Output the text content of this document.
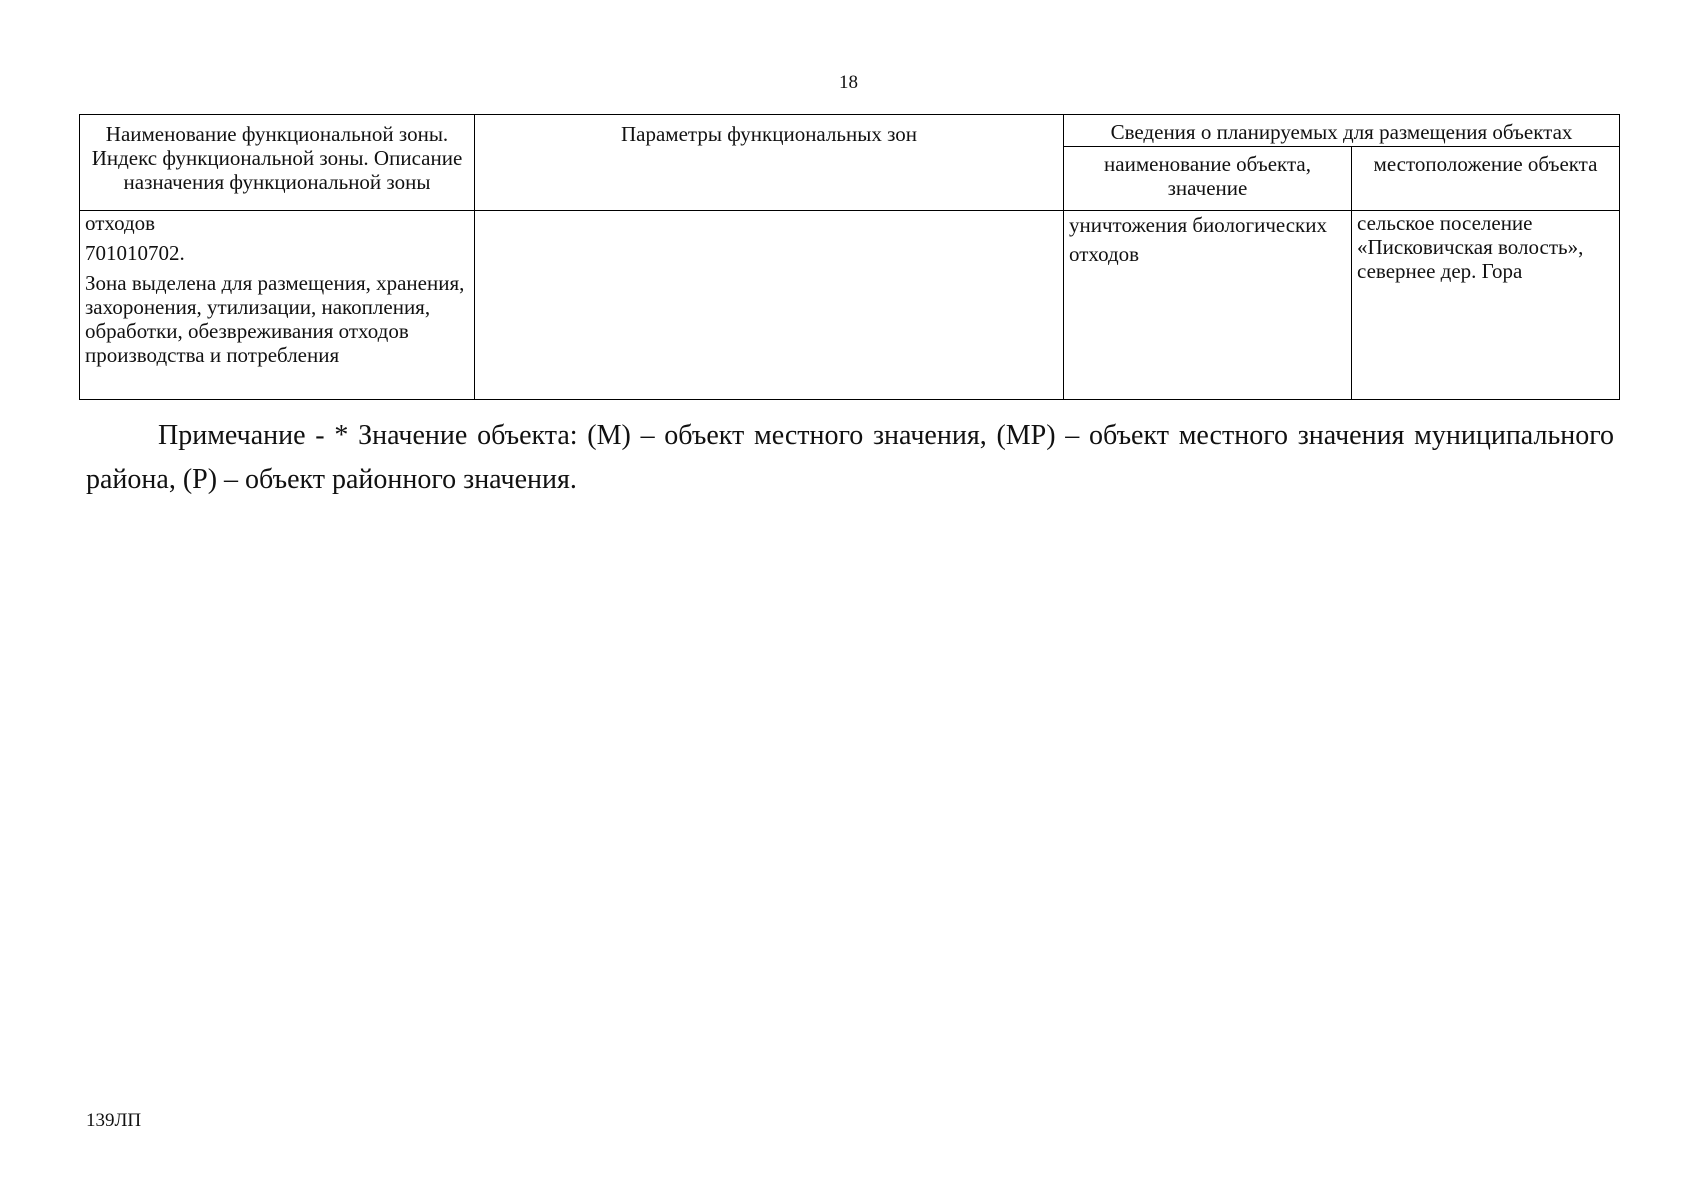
18
Наименование функциональной зоны. Индекс функциональной зоны. Описание назначения функциональной зоны	Параметры функциональных зон	Сведения о планируемых для размещения объектах	
		наименование объекта, значение	местоположение объекта

отходов

701010702.

Зона выделена для размещения, хранения, захоронения, утилизации, накопления, обработки, обезвреживания отходов производства и потребления		уничтожения биологических отходов	сельское поселение «Писковичская волость», севернее дер. Гора

Примечание - * Значение объекта: (М) – объект местного значения, (МР) – объект местного значения муниципального района, (Р) – объект районного значения.
139ЛП
